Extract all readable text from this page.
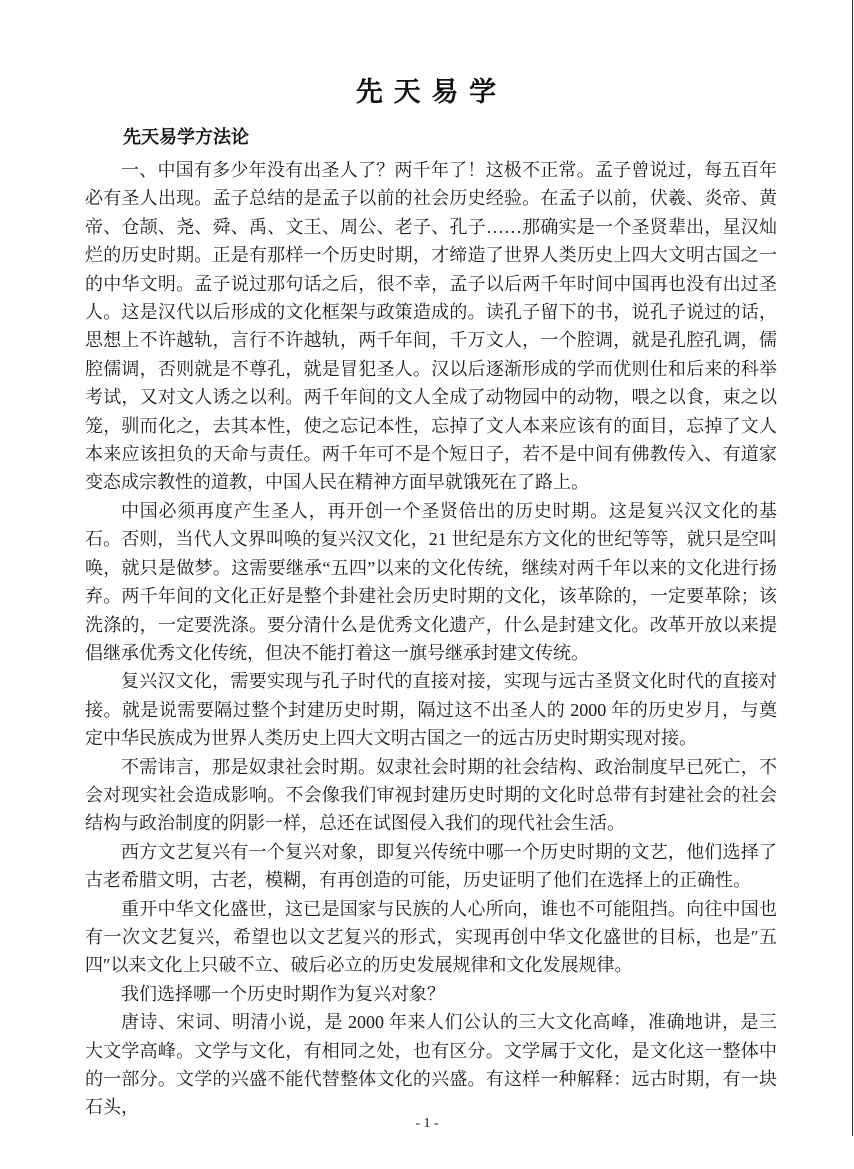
先 天 易 学
先天易学方法论

一、中国有多少年没有出圣人了？两千年了！这极不正常。孟子曾说过，每五百年必有圣人出现。孟子总结的是孟子以前的社会历史经验。在孟子以前，伏羲、炎帝、黄帝、仓颉、尧、舜、禹、文王、周公、老子、孔子……那确实是一个圣贤辈出，星汉灿烂的历史时期。正是有那样一个历史时期，才缔造了世界人类历史上四大文明古国之一的中华文明。孟子说过那句话之后，很不幸，孟子以后两千年时间中国再也没有出过圣人。这是汉代以后形成的文化框架与政策造成的。读孔子留下的书，说孔子说过的话，思想上不许越轨，言行不许越轨，两千年间，千万文人，一个腔调，就是孔腔孔调，儒腔儒调，否则就是不尊孔，就是冒犯圣人。汉以后逐渐形成的学而优则仕和后来的科举考试，又对文人诱之以利。两千年间的文人全成了动物园中的动物，喂之以食，束之以笼，驯而化之，去其本性，使之忘记本性，忘掉了文人本来应该有的面目，忘掉了文人本来应该担负的天命与责任。两千年可不是个短日子，若不是中间有佛教传入、有道家变态成宗教性的道教，中国人民在精神方面早就饿死在了路上。

中国必须再度产生圣人，再开创一个圣贤倍出的历史时期。这是复兴汉文化的基石。否则，当代人文界叫唤的复兴汉文化，21 世纪是东方文化的世纪等等，就只是空叫唤，就只是做梦。这需要继承“五四”以来的文化传统，继续对两千年以来的文化进行扬弃。两千年间的文化正好是整个卦建社会历史时期的文化，该革除的，一定要革除；该洗涤的，一定要洗涤。要分清什么是优秀文化遗产，什么是封建文化。改革开放以来提倡继承优秀文化传统，但决不能打着这一旗号继承封建文传统。

复兴汉文化，需要实现与孔子时代的直接对接，实现与远古圣贤文化时代的直接对接。就是说需要隔过整个封建历史时期，隔过这不出圣人的 2000 年的历史岁月，与奠定中华民族成为世界人类历史上四大文明古国之一的远古历史时期实现对接。

不需讳言，那是奴隶社会时期。奴隶社会时期的社会结构、政治制度早已死亡，不会对现实社会造成影响。不会像我们审视封建历史时期的文化时总带有封建社会的社会结构与政治制度的阴影一样，总还在试图侵入我们的现代社会生活。

西方文艺复兴有一个复兴对象，即复兴传统中哪一个历史时期的文艺，他们选择了古老希腊文明，古老，模糊，有再创造的可能，历史证明了他们在选择上的正确性。

重开中华文化盛世，这已是国家与民族的人心所向，谁也不可能阻挡。向往中国也有一次文艺复兴，希望也以文艺复兴的形式，实现再创中华文化盛世的目标，也是″五四″以来文化上只破不立、破后必立的历史发展规律和文化发展规律。

我们选择哪一个历史时期作为复兴对象？

唐诗、宋词、明清小说，是 2000 年来人们公认的三大文化高峰，准确地讲，是三大文学高峰。文学与文化，有相同之处，也有区分。文学属于文化，是文化这一整体中的一部分。文学的兴盛不能代替整体文化的兴盛。有这样一种解释：远古时期，有一块石头，

- 1 -
